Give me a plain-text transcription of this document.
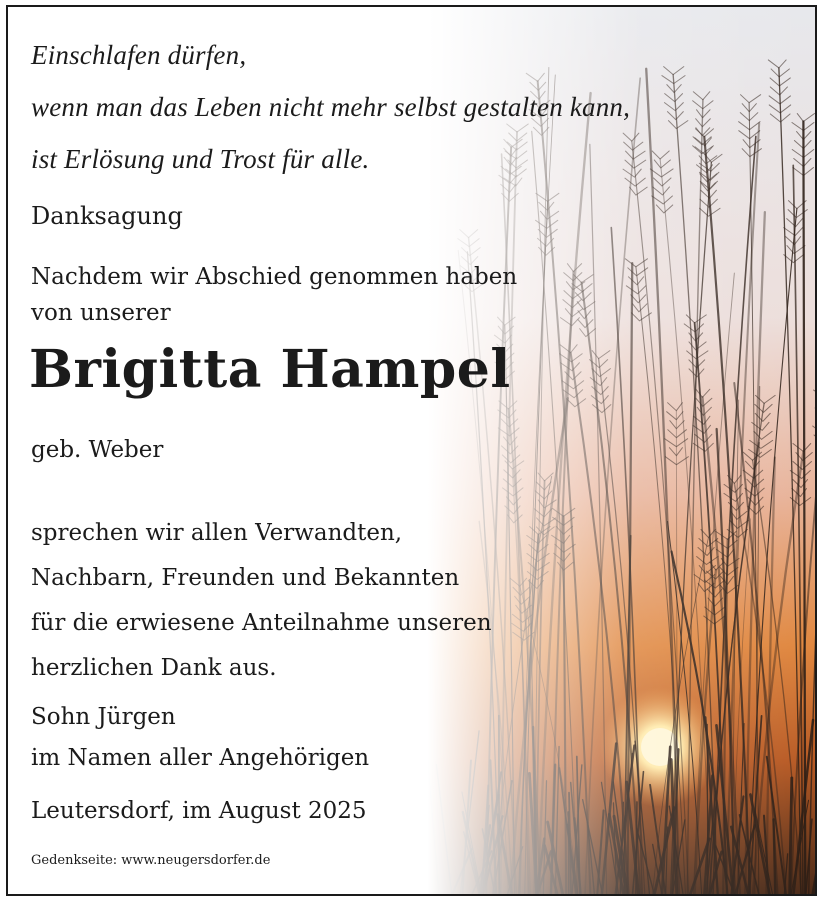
Einschlafen dürfen,
wenn man das Leben nicht mehr selbst gestalten kann,
ist Erlösung und Trost für alle.

Danksagung

Nachdem wir Abschied genommen haben
von unserer

Brigitta Hampel

geb. Weber

sprechen wir allen Verwandten,
Nachbarn, Freunden und Bekannten
für die erwiesene Anteilnahme unseren
herzlichen Dank aus.
Sohn Jürgen
im Namen aller Angehörigen

Leutersdorf, im August 2025

Gedenkseite: www.neugersdorfer.de
